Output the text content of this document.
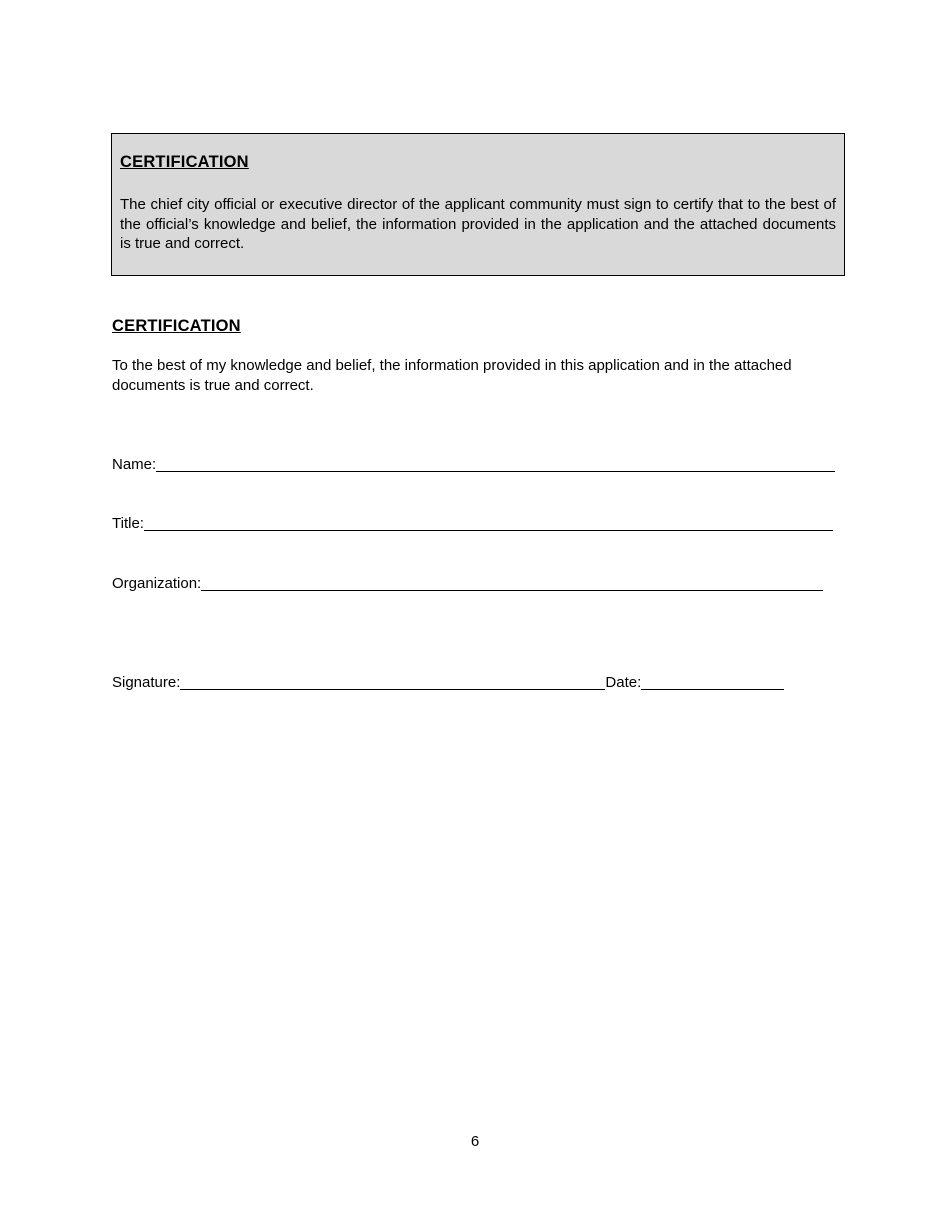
CERTIFICATION

The chief city official or executive director of the applicant community must sign to certify that to the best of the official’s knowledge and belief, the information provided in the application and the attached documents is true and correct.

CERTIFICATION

To the best of my knowledge and belief, the information provided in this application and in the attached documents is true and correct.

Name:
Title:
Organization:
Signature:	Date:
6
